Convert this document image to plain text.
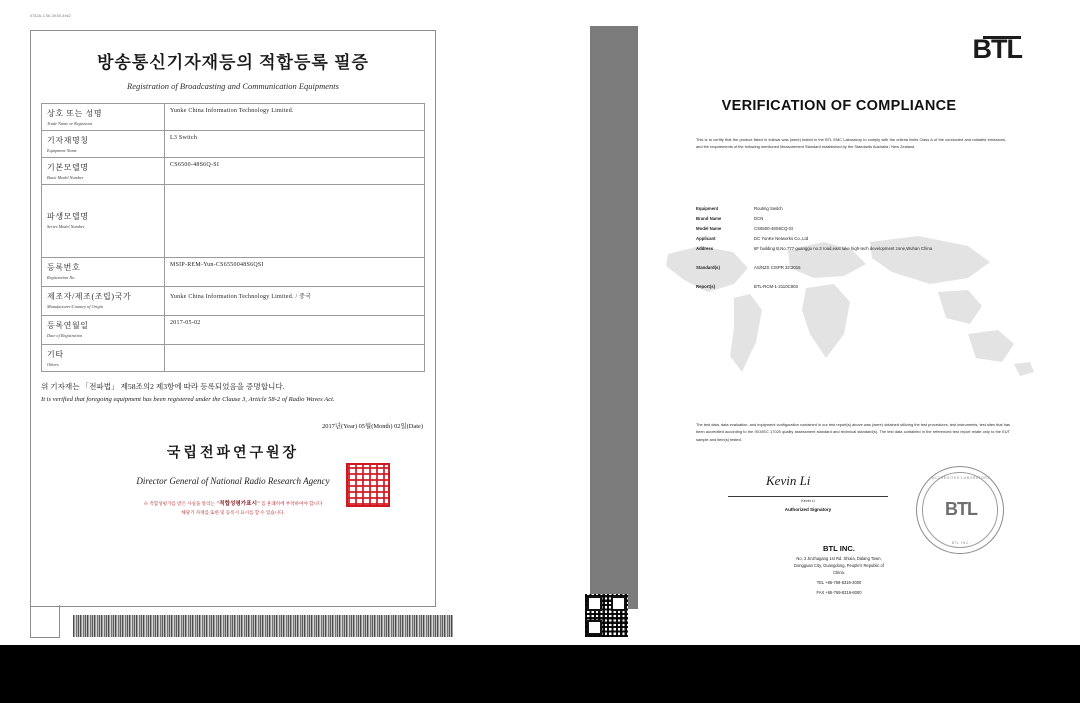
0782A-CS6-3K55-4bk2
방송통신기자재등의 적합등록 필증
Registration of Broadcasting and Communication Equipments
상호 또는 성명
Trade Name or Registrant	Yunke China Information Technology Limited.

기자재명칭
Equipment Name	L3 Switch

기본모델명
Basic Model Number	CS6500-48S6Q-SI

파생모델명
Series Model Number	

등록번호
Registration No.	MSIP-REM-Yun-CS6550048S6QSI

제조자/제조(조립)국가
Manufacturer/Country of Origin	Yunke China Information Technology Limited. / 중국

등록연월일
Date of Registration	2017-05-02

기타
Others	

위 기자재는 「전파법」 제58조의2 제3항에 따라 등록되었음을 증명합니다.
It is verified that foregoing equipment has been registered under the Clause 3, Article 58-2 of Radio Waves Act.
2017년(Year) 05월(Month) 02일(Date)
국립전파연구원장
Director General of National Radio Research Agency
※ 적합성평가를 받은 사실을 알리는 "적합성평가표시" 를 흔쾌히에 부착하여야 합니다
해당기 자재를 또한 및 등록시 표시를 할 수 있습니다.
BTL
VERIFICATION OF COMPLIANCE
This is to certify that the product listed in follows was (were) tested in the BTL EMC Laboratory to comply with the criteria limits Class A of the conducted and radiated emissions, and the requirements of the following mentioned Measurement Standard established by the Standards Australia / New Zealand.
Equipment	Routing Switch
Brand Name	DCN
Model Name	CS6500-48S6CQ-SI
Applicant	DC YunKe Networks Co.,Ltd
Address	6F building B,No.777 guanggu no.3 road,east lake high-tech development zone,Wuhan China
Standard(s)	AS/NZS CISPR 32:2015
Report(s)	BTL-RCM-1-2110C903
The test data, data evaluation, and equipment configuration contained in our test report(s) above was (were) obtained utilizing the test procedures, test instruments, test sites that has been accredited according to the ISO/IEC 17025 quality assessment standard and technical standard(s). The test data contained in the referenced test report relate only to the EUT sample and item(s) tested.
Kevin Li
Kevin Li
Authorized Signatory
ACCREDITED LABORATORY
BTL
BTL INC.
BTL INC.
No. 3 Jinzhagang 1st Rd. Shixia, Dalang Town,
Dongguan City, Guangdong, People's Republic of
China.
TEL +86-769-8319-3000
FAX +86-769-8319-6000
